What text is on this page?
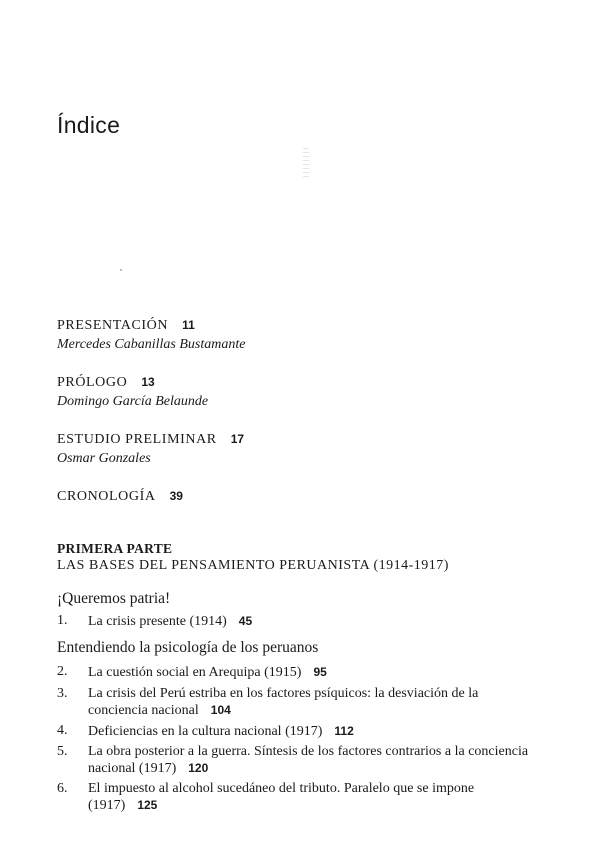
Índice
PRESENTACIÓN 11
Mercedes Cabanillas Bustamante
PRÓLOGO 13
Domingo García Belaunde
ESTUDIO PRELIMINAR 17
Osmar Gonzales
CRONOLOGÍA 39
PRIMERA PARTE
LAS BASES DEL PENSAMIENTO PERUANISTA (1914-1917)
¡Queremos patria!
1. La crisis presente (1914) 45
Entendiendo la psicología de los peruanos
2. La cuestión social en Arequipa (1915) 95
3. La crisis del Perú estriba en los factores psíquicos: la desviación de la conciencia nacional 104
4. Deficiencias en la cultura nacional (1917) 112
5. La obra posterior a la guerra. Síntesis de los factores contrarios a la conciencia nacional (1917) 120
6. El impuesto al alcohol sucedáneo del tributo. Paralelo que se impone (1917) 125
